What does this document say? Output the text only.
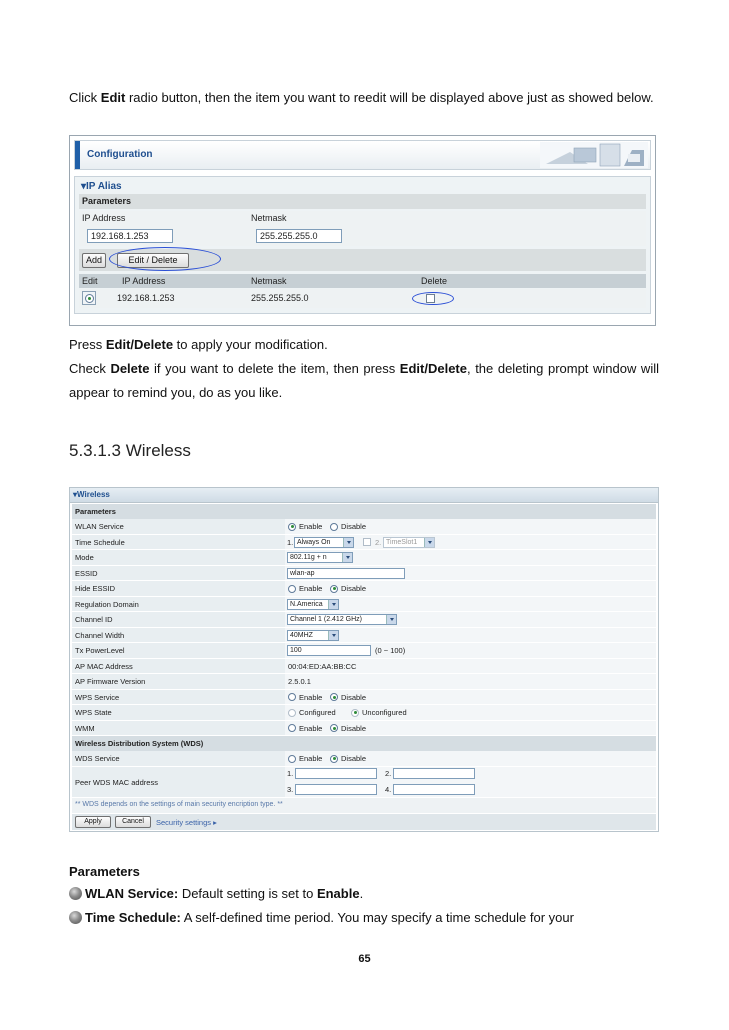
Click Edit radio button, then the item you want to reedit will be displayed above just as showed below.
Configuration
▾IP Alias
Parameters
IP Address	Netmask
192.168.1.253	255.255.255.0
Add	Edit / Delete
Edit	IP Address	Netmask	Delete
192.168.1.253	255.255.255.0
Press Edit/Delete to apply your modification.
Check Delete if you want to delete the item, then press Edit/Delete, the deleting prompt window will appear to remind you, do as you like.
5.3.1.3 Wireless
▾Wireless
Parameters
WLAN Service	Enable Disable
Time Schedule	1. Always On	2. TimeSlot1
Mode	802.11g + n
ESSID	wlan-ap
Hide ESSID	Enable Disable
Regulation Domain	N.America
Channel ID	Channel 1 (2.412 GHz)
Channel Width	40MHZ
Tx PowerLevel	100	(0 ~ 100)
AP MAC Address	00:04:ED:AA:BB:CC
AP Firmware Version	2.5.0.1
WPS Service	Enable Disable
WPS State	Configured	Unconfigured
WMM	Enable Disable
Wireless Distribution System (WDS)
WDS Service	Enable Disable
Peer WDS MAC address
1.	2.
3.	4.
** WDS depends on the settings of main security encription type. **
Apply	Cancel	Security settings ▸
Parameters
WLAN Service: Default setting is set to Enable.
Time Schedule: A self-defined time period. You may specify a time schedule for your
65
